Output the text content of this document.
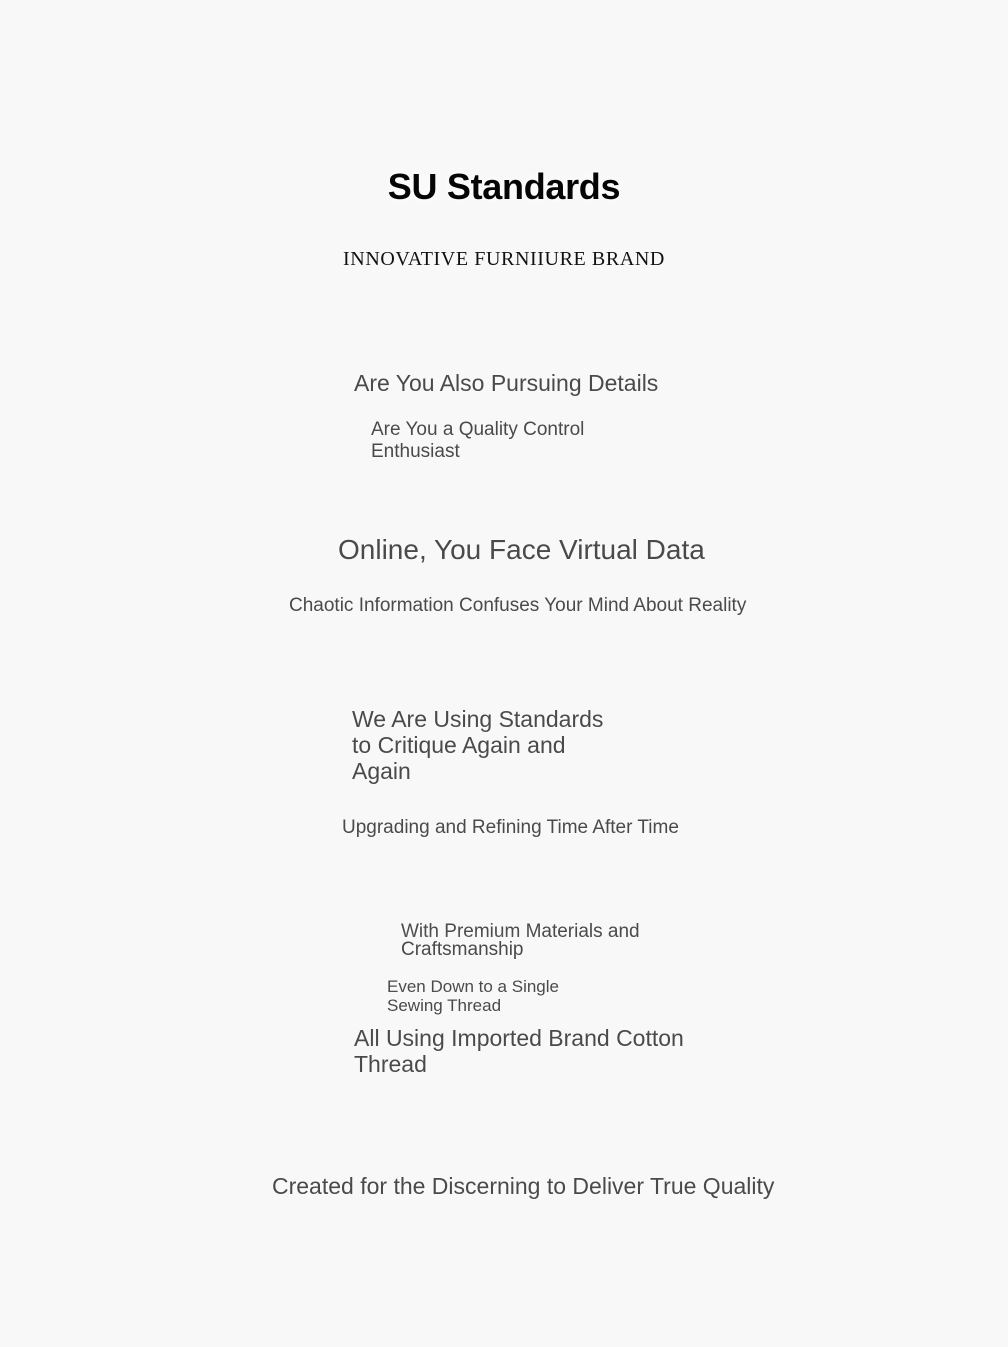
SU Standards
INNOVATIVE FURNIIURE BRAND
Are You Also Pursuing Details
Are You a Quality Control Enthusiast
Online, You Face Virtual Data
Chaotic Information Confuses Your Mind About Reality
We Are Using Standards to Critique Again and Again
Upgrading and Refining Time After Time
With Premium Materials and Craftsmanship
Even Down to a Single Sewing Thread
All Using Imported Brand Cotton Thread
Created for the Discerning to Deliver True Quality
